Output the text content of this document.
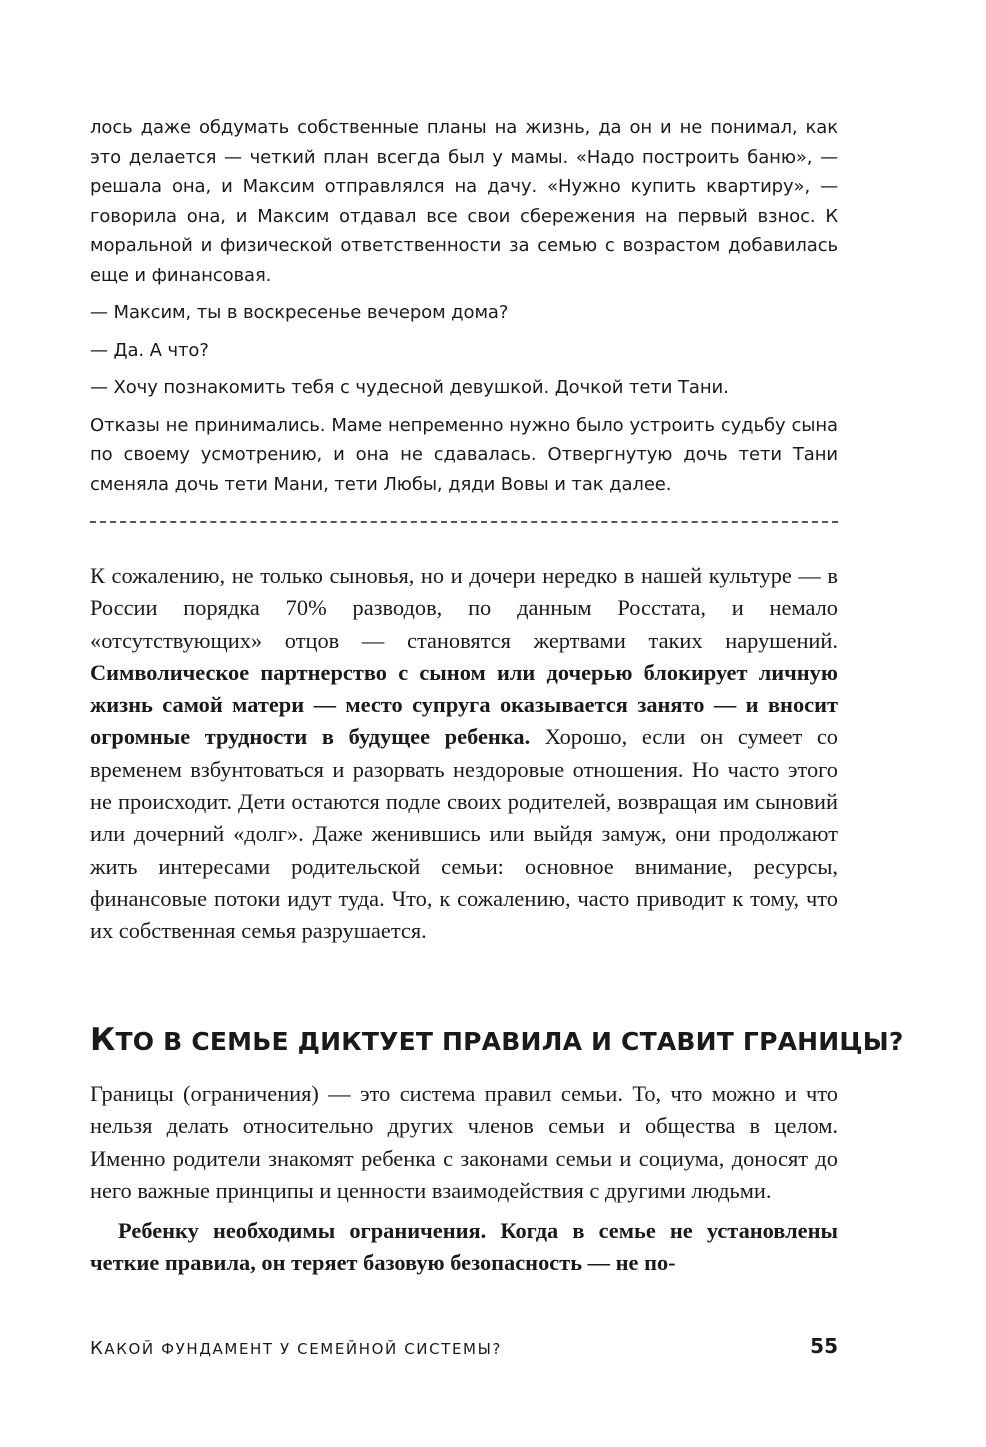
лось даже обдумать собственные планы на жизнь, да он и не понимал, как это делается — четкий план всегда был у мамы. «Надо построить баню», — решала она, и Максим отправлялся на дачу. «Нужно купить квартиру», — говорила она, и Максим отдавал все свои сбережения на первый взнос. К моральной и физической ответственности за семью с возрастом добавилась еще и финансовая.

— Максим, ты в воскресенье вечером дома?

— Да. А что?

— Хочу познакомить тебя с чудесной девушкой. Дочкой тети Тани.

Отказы не принимались. Маме непременно нужно было устроить судьбу сына по своему усмотрению, и она не сдавалась. Отвергнутую дочь тети Тани сменяла дочь тети Мани, тети Любы, дяди Вовы и так далее.

К сожалению, не только сыновья, но и дочери нередко в нашей культуре — в России порядка 70% разводов, по данным Росстата, и немало «отсутствующих» отцов — становятся жертвами таких нарушений. Символическое партнерство с сыном или дочерью блокирует личную жизнь самой матери — место супруга оказывается занято — и вносит огромные трудности в будущее ребенка. Хорошо, если он сумеет со временем взбунтоваться и разорвать нездоровые отношения. Но часто этого не происходит. Дети остаются подле своих родителей, возвращая им сыновий или дочерний «долг». Даже женившись или выйдя замуж, они продолжают жить интересами родительской семьи: основное внимание, ресурсы, финансовые потоки идут туда. Что, к сожалению, часто приводит к тому, что их собственная семья разрушается.

КТО В СЕМЬЕ ДИКТУЕТ ПРАВИЛА И СТАВИТ ГРАНИЦЫ?

Границы (ограничения) — это система правил семьи. То, что можно и что нельзя делать относительно других членов семьи и общества в целом. Именно родители знакомят ребенка с законами семьи и социума, доносят до него важные принципы и ценности взаимодействия с другими людьми.

Ребенку необходимы ограничения. Когда в семье не установлены четкие правила, он теряет базовую безопасность — не по-

КАКОЙ ФУНДАМЕНТ У СЕМЕЙНОЙ СИСТЕМЫ?	55
